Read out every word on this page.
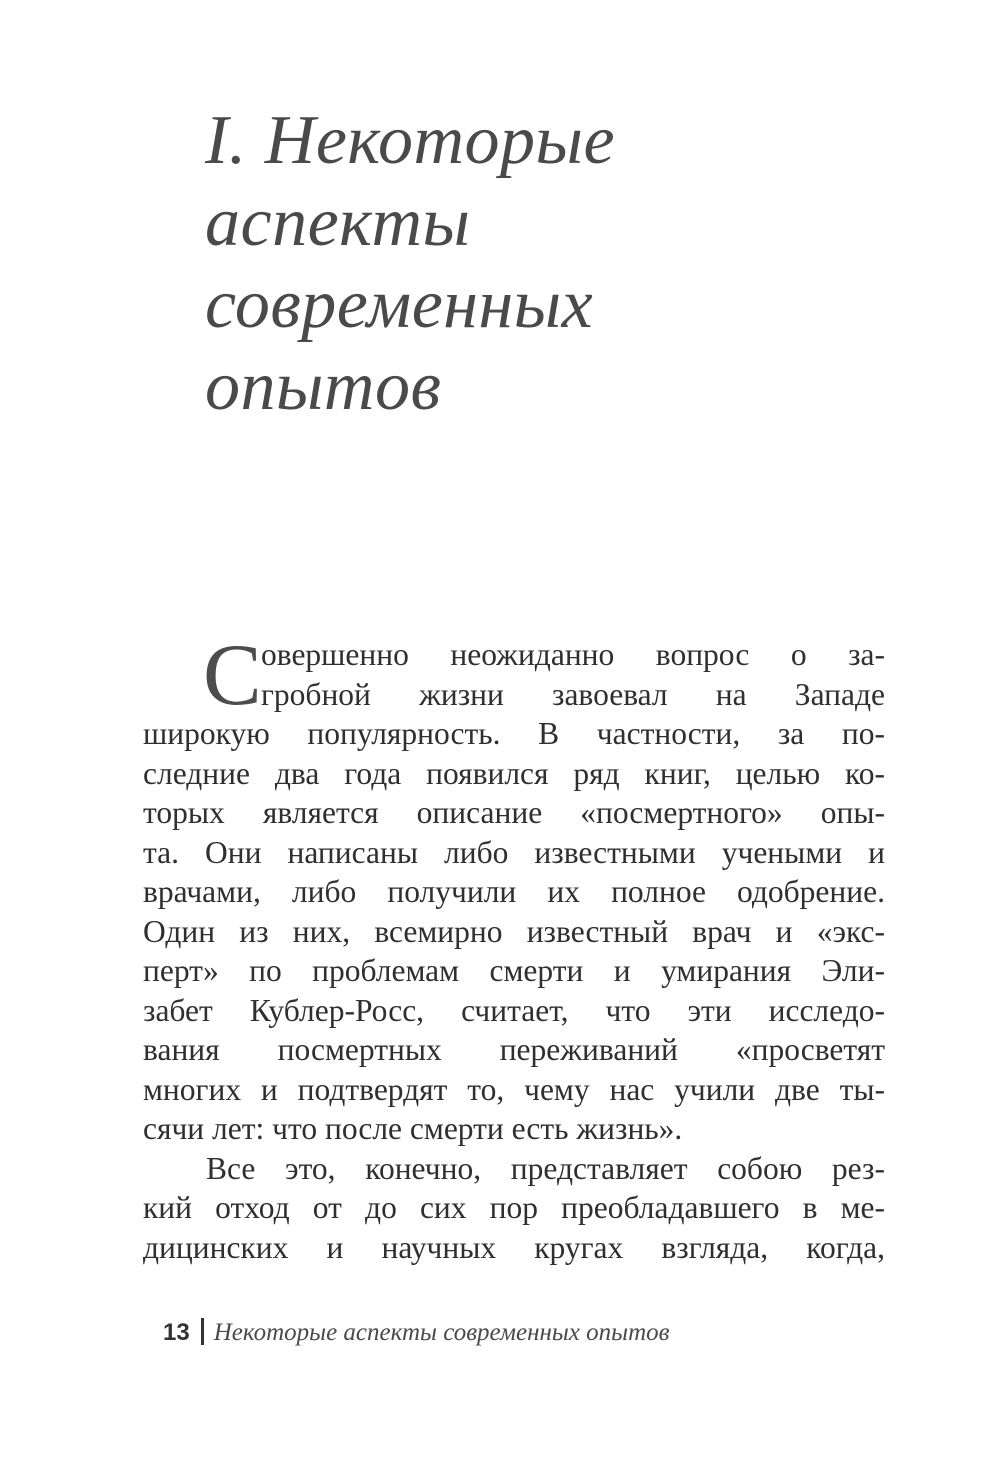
I. Некоторые
аспекты
современных
опытов
С овершенно неожиданно вопрос о за-
гробной жизни завоевал на Западе
широкую популярность. В частности, за по-
следние два года появился ряд книг, целью ко-
торых является описание «посмертного» опы-
та. Они написаны либо известными учеными и
врачами, либо получили их полное одобрение.
Один из них, всемирно известный врач и «экс-
перт» по проблемам смерти и умирания Эли-
забет Кублер-Росс, считает, что эти исследо-
вания посмертных переживаний «просветят
многих и подтвердят то, чему нас учили две ты-
сячи лет: что после смерти есть жизнь».
Все это, конечно, представляет собою рез-
кий отход от до сих пор преобладавшего в ме-
дицинских и научных кругах взгляда, когда,
13 Некоторые аспекты современных опытов
